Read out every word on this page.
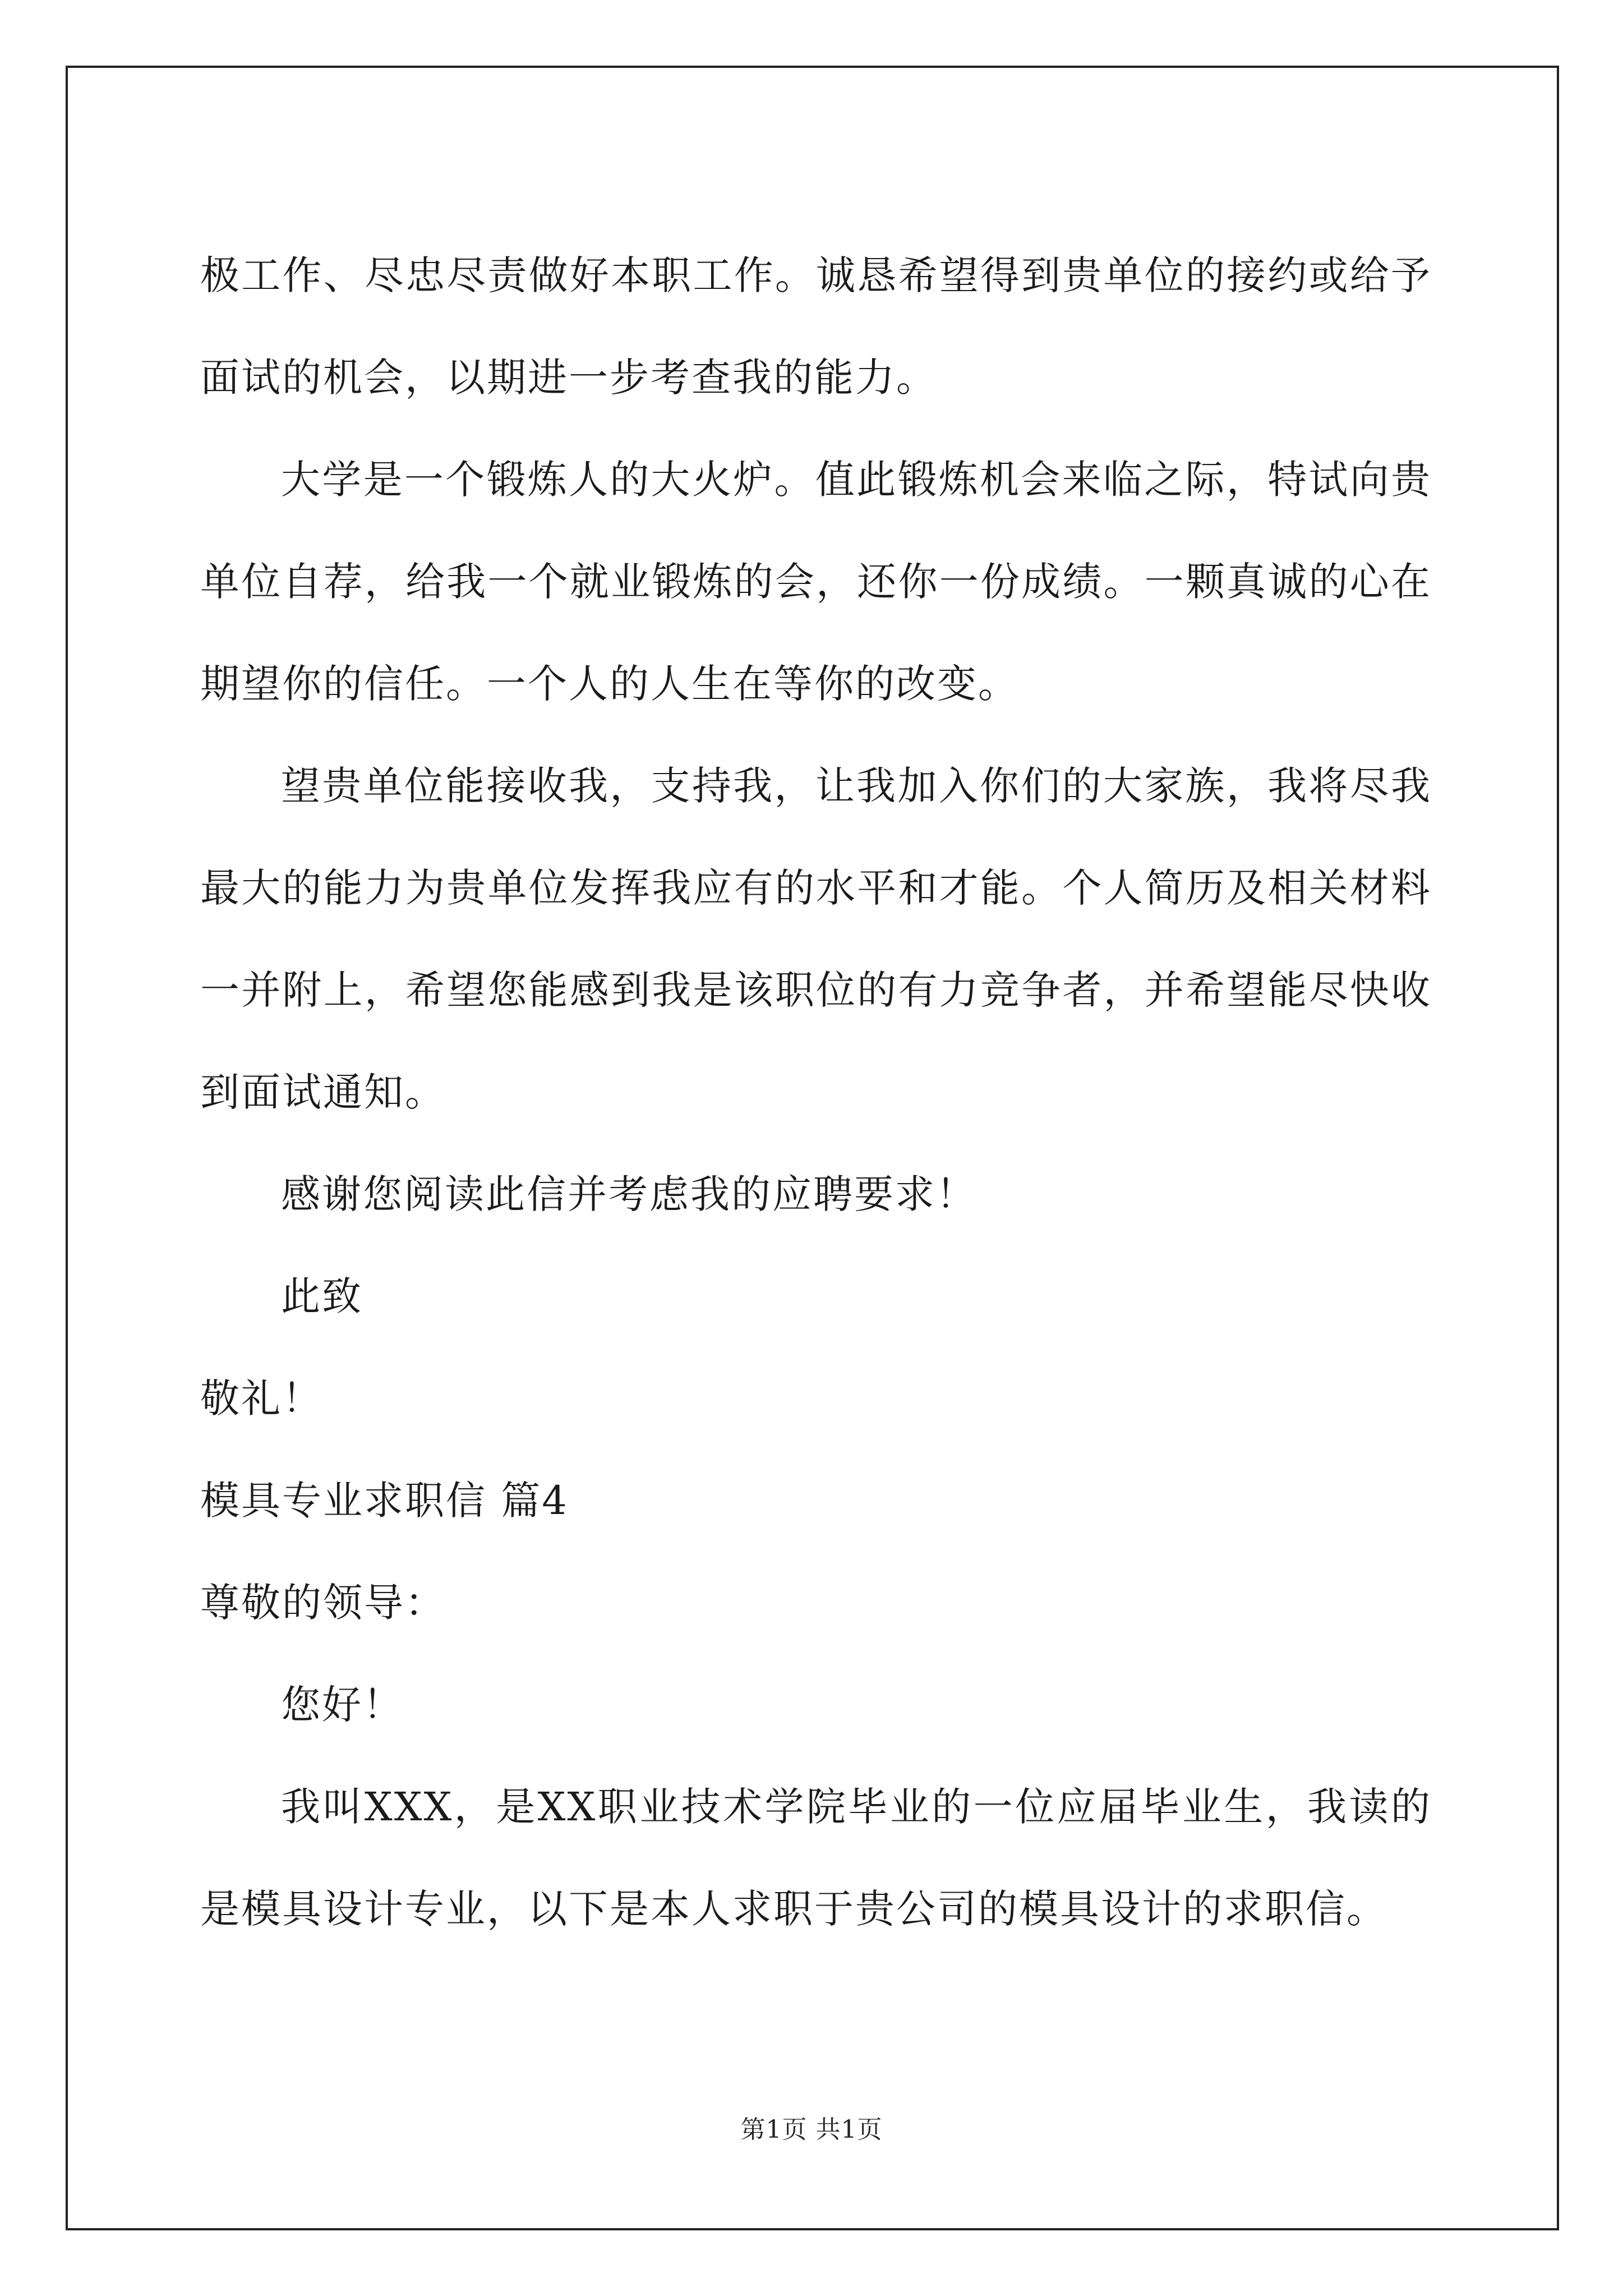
极工作、尽忠尽责做好本职工作。诚恳希望得到贵单位的接约或给予面试的机会，以期进一步考查我的能力。

大学是一个锻炼人的大火炉。值此锻炼机会来临之际，特试向贵单位自荐，给我一个就业锻炼的会，还你一份成绩。一颗真诚的心在期望你的信任。一个人的人生在等你的改变。

望贵单位能接收我，支持我，让我加入你们的大家族，我将尽我最大的能力为贵单位发挥我应有的水平和才能。个人简历及相关材料一并附上，希望您能感到我是该职位的有力竞争者，并希望能尽快收到面试通知。

感谢您阅读此信并考虑我的应聘要求！

此致

敬礼！

模具专业求职信 篇4

尊敬的领导：

您好！

我叫XXX，是XX职业技术学院毕业的一位应届毕业生，我读的是模具设计专业，以下是本人求职于贵公司的模具设计的求职信。

第1页 共1页
